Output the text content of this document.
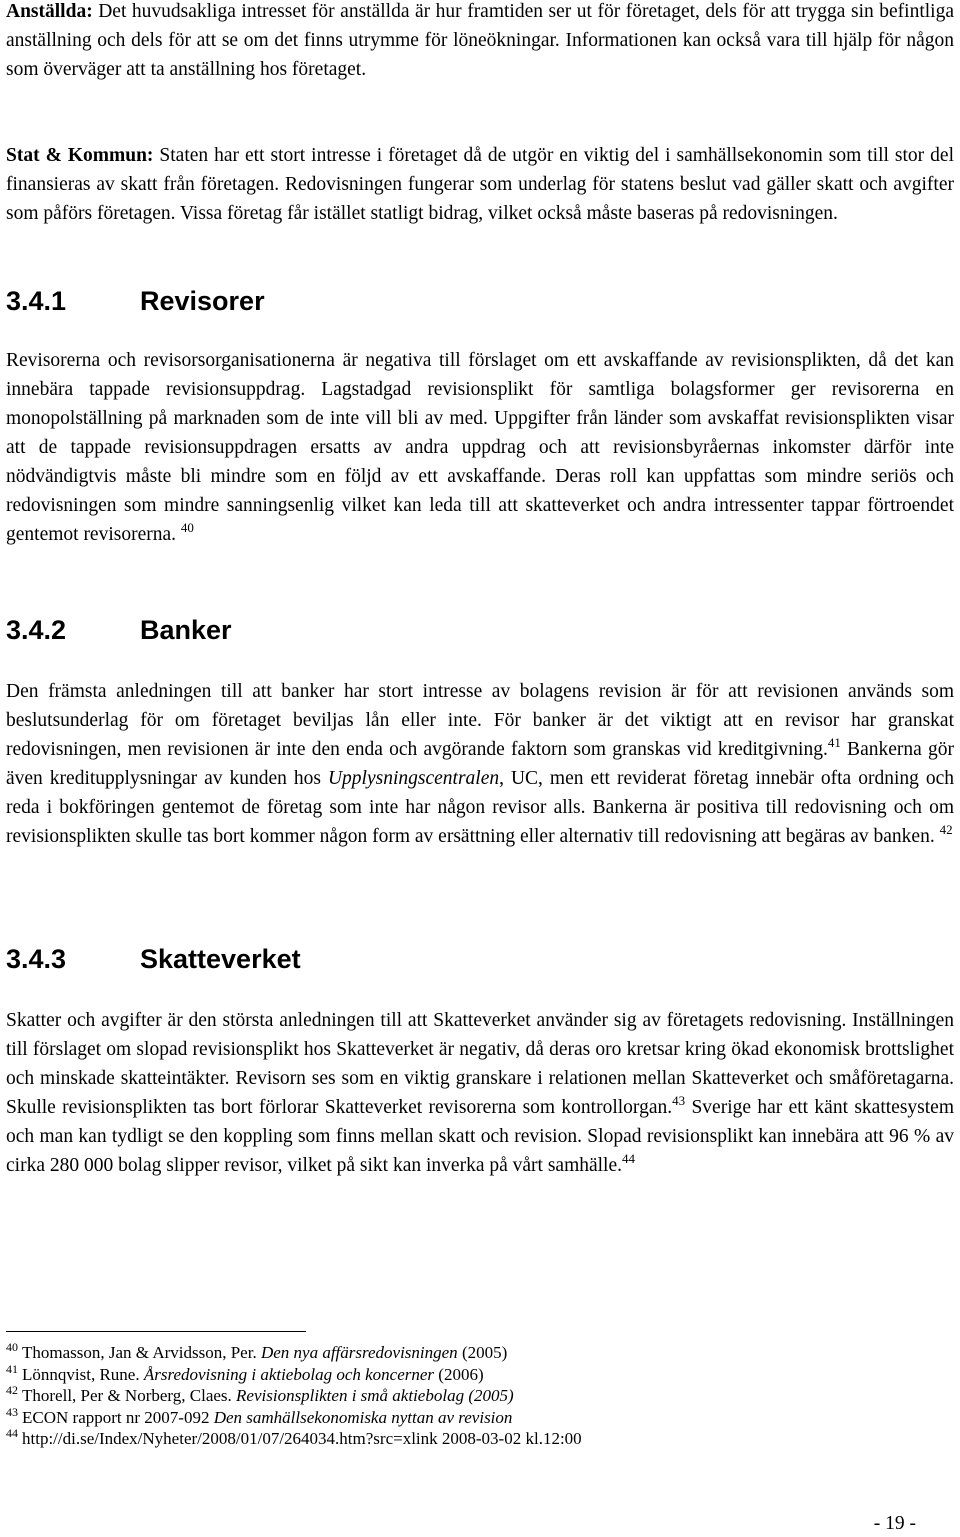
Anställda: Det huvudsakliga intresset för anställda är hur framtiden ser ut för företaget, dels för att trygga sin befintliga anställning och dels för att se om det finns utrymme för löneökningar. Informationen kan också vara till hjälp för någon som överväger att ta anställning hos företaget.

Stat & Kommun: Staten har ett stort intresse i företaget då de utgör en viktig del i samhällsekonomin som till stor del finansieras av skatt från företagen. Redovisningen fungerar som underlag för statens beslut vad gäller skatt och avgifter som påförs företagen. Vissa företag får istället statligt bidrag, vilket också måste baseras på redovisningen.

3.4.1	Revisorer

Revisorerna och revisorsorganisationerna är negativa till förslaget om ett avskaffande av revisionsplikten, då det kan innebära tappade revisionsuppdrag. Lagstadgad revisionsplikt för samtliga bolagsformer ger revisorerna en monopolställning på marknaden som de inte vill bli av med. Uppgifter från länder som avskaffat revisionsplikten visar att de tappade revisionsuppdragen ersatts av andra uppdrag och att revisionsbyråernas inkomster därför inte nödvändigtvis måste bli mindre som en följd av ett avskaffande. Deras roll kan uppfattas som mindre seriös och redovisningen som mindre sanningsenlig vilket kan leda till att skatteverket och andra intressenter tappar förtroendet gentemot revisorerna. $^{40}$

3.4.2	Banker

Den främsta anledningen till att banker har stort intresse av bolagens revision är för att revisionen används som beslutsunderlag för om företaget beviljas lån eller inte. För banker är det viktigt att en revisor har granskat redovisningen, men revisionen är inte den enda och avgörande faktorn som granskas vid kreditgivning.$^{41}$ Bankerna gör även kreditupplysningar av kunden hos Upplysningscentralen, UC, men ett reviderat företag innebär ofta ordning och reda i bokföringen gentemot de företag som inte har någon revisor alls. Bankerna är positiva till redovisning och om revisionsplikten skulle tas bort kommer någon form av ersättning eller alternativ till redovisning att begäras av banken. $^{42}$

3.4.3	Skatteverket

Skatter och avgifter är den största anledningen till att Skatteverket använder sig av företagets redovisning. Inställningen till förslaget om slopad revisionsplikt hos Skatteverket är negativ, då deras oro kretsar kring ökad ekonomisk brottslighet och minskade skatteintäkter. Revisorn ses som en viktig granskare i relationen mellan Skatteverket och småföretagarna. Skulle revisionsplikten tas bort förlorar Skatteverket revisorerna som kontrollorgan.$^{43}$ Sverige har ett känt skattesystem och man kan tydligt se den koppling som finns mellan skatt och revision. Slopad revisionsplikt kan innebära att 96 % av cirka 280 000 bolag slipper revisor, vilket på sikt kan inverka på vårt samhälle.$^{44}$

$^{40}$ Thomasson, Jan & Arvidsson, Per. Den nya affärsredovisningen (2005)

$^{41}$ Lönnqvist, Rune. Årsredovisning i aktiebolag och koncerner (2006)

$^{42}$ Thorell, Per & Norberg, Claes. Revisionsplikten i små aktiebolag (2005)

$^{43}$ ECON rapport nr 2007-092 Den samhällsekonomiska nyttan av revision

$^{44}$ http://di.se/Index/Nyheter/2008/01/07/264034.htm?src=xlink 2008-03-02 kl.12:00

- 19 -
